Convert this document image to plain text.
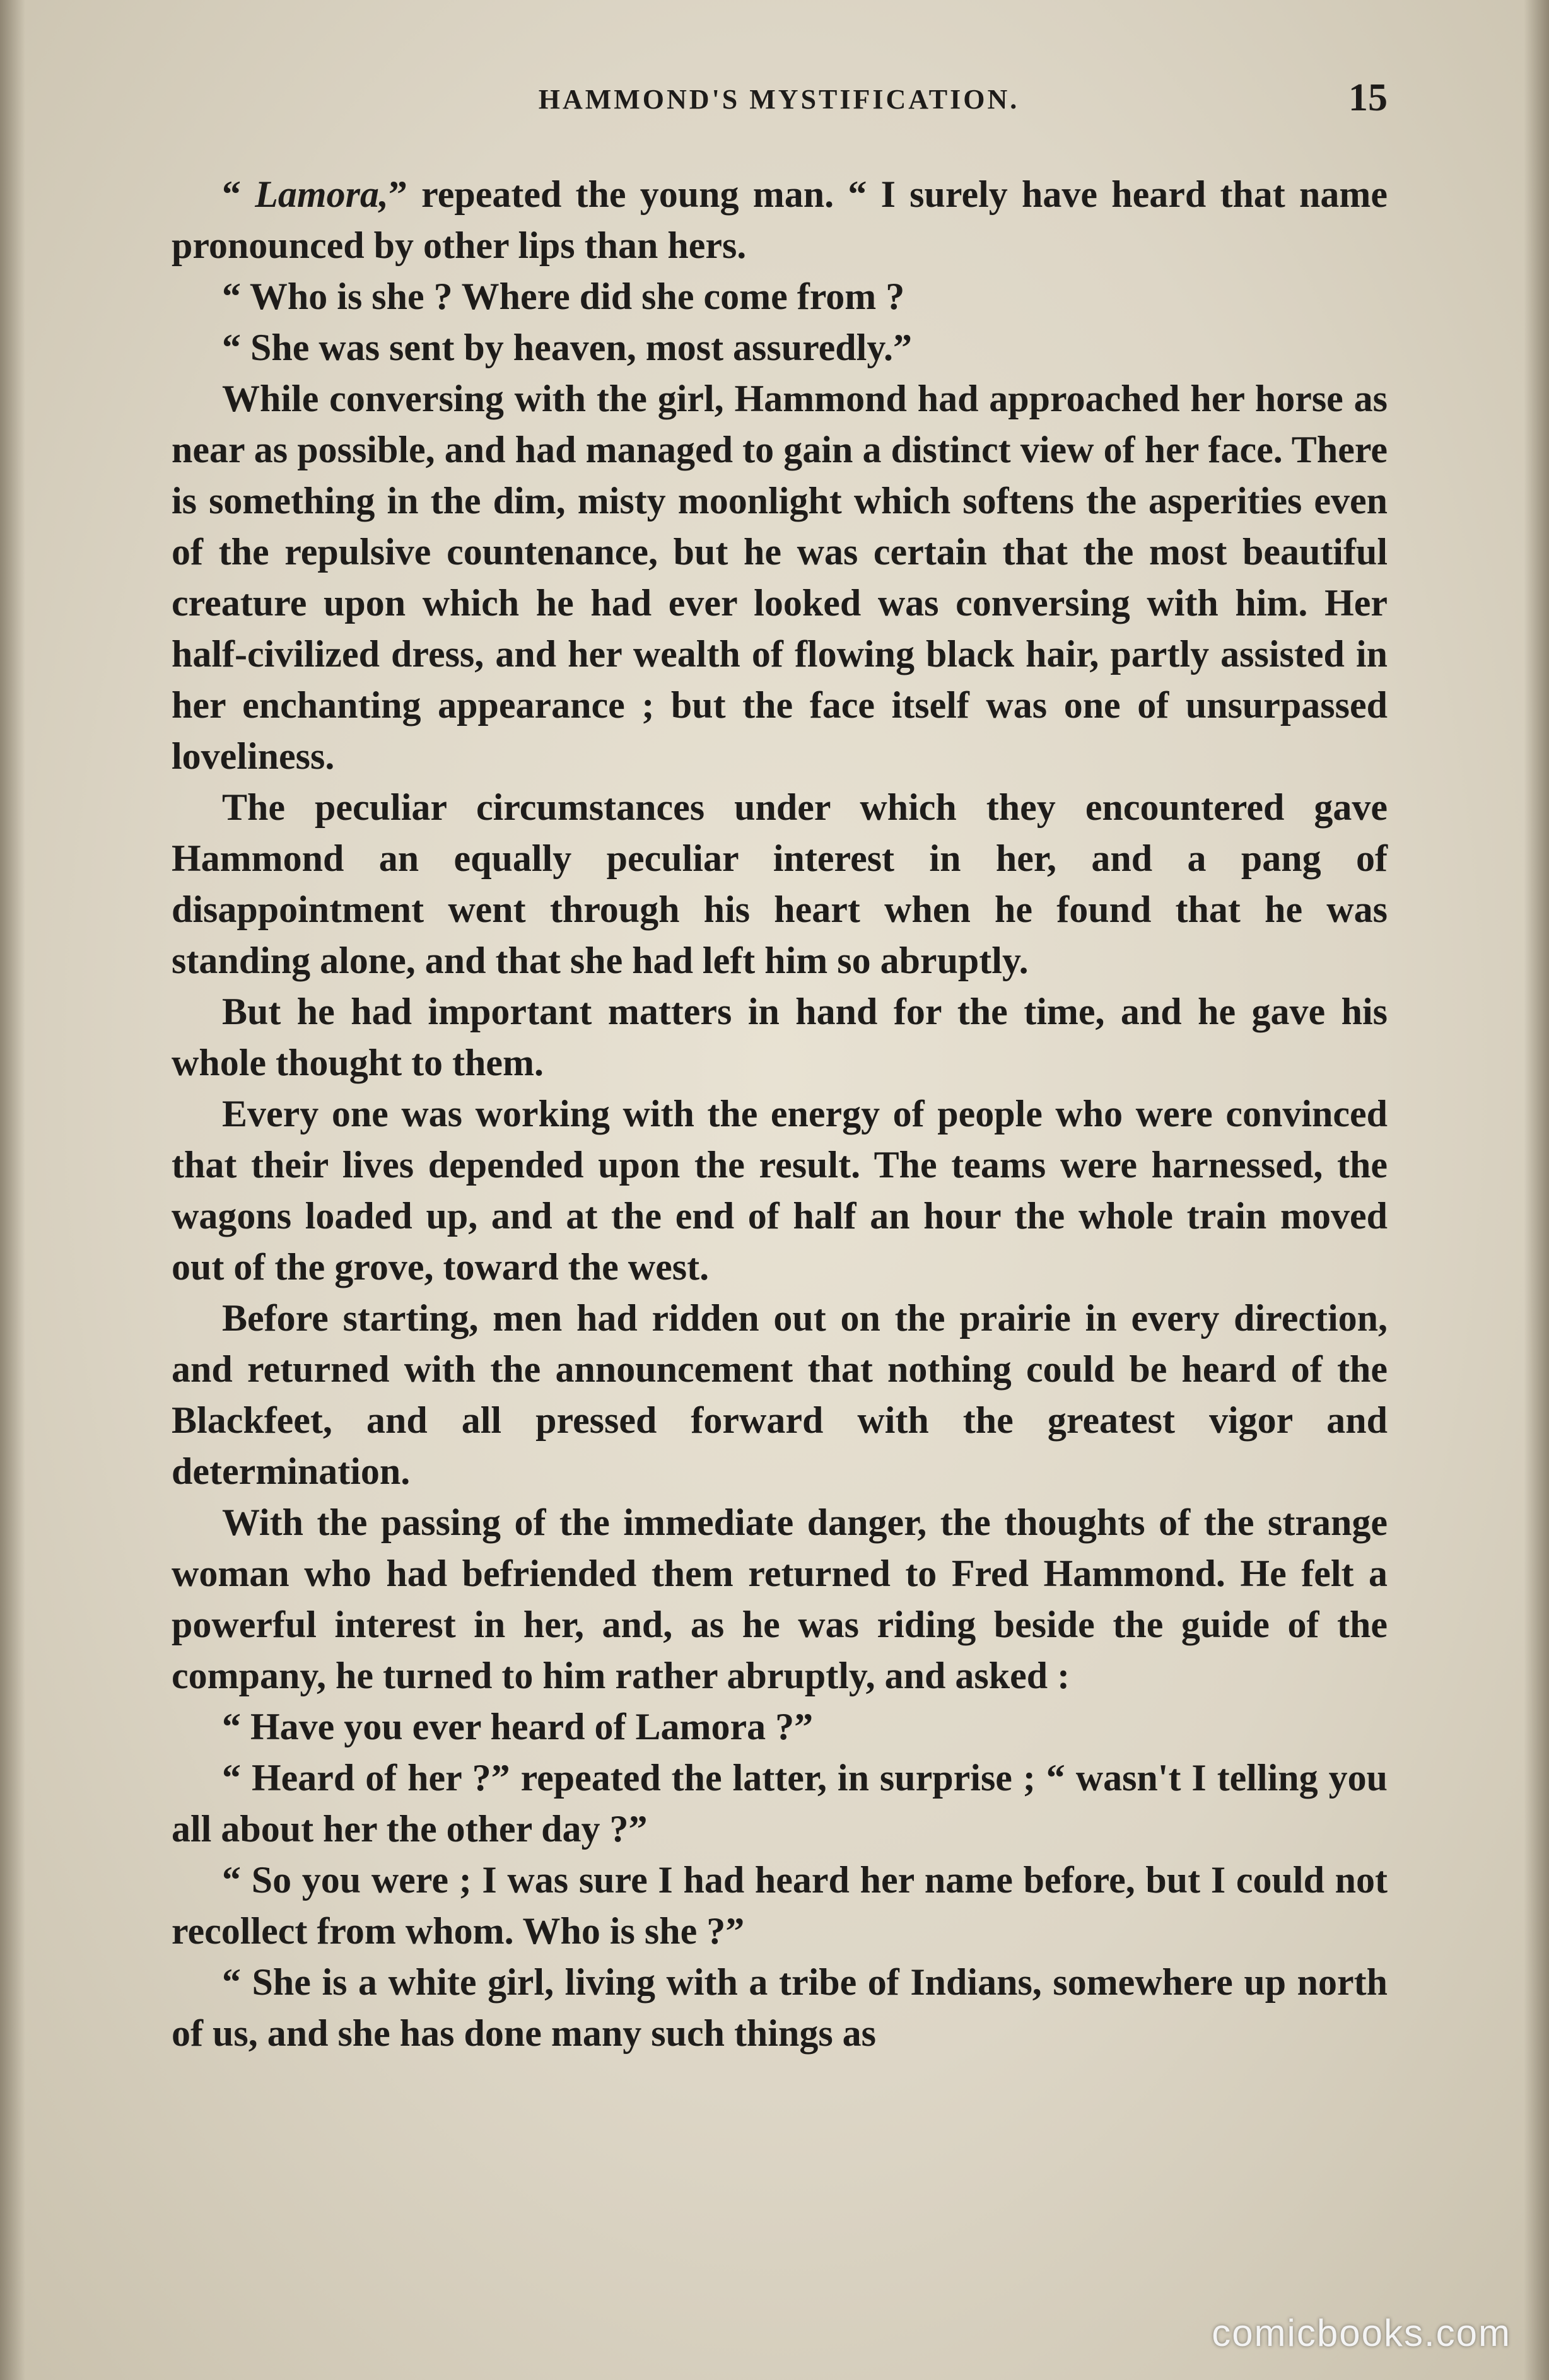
HAMMOND'S MYSTIFICATION.	15

“ Lamora,” repeated the young man. “ I surely have heard that name pronounced by other lips than hers.

“ Who is she ? Where did she come from ?

“ She was sent by heaven, most assuredly.”

While conversing with the girl, Hammond had approached her horse as near as possible, and had managed to gain a distinct view of her face. There is something in the dim, misty moonlight which softens the asperities even of the repulsive countenance, but he was certain that the most beautiful creature upon which he had ever looked was conversing with him. Her half-civilized dress, and her wealth of flowing black hair, partly assisted in her enchanting appearance ; but the face itself was one of unsurpassed loveliness.

The peculiar circumstances under which they encountered gave Hammond an equally peculiar interest in her, and a pang of disappointment went through his heart when he found that he was standing alone, and that she had left him so abruptly.

But he had important matters in hand for the time, and he gave his whole thought to them.

Every one was working with the energy of people who were convinced that their lives depended upon the result. The teams were harnessed, the wagons loaded up, and at the end of half an hour the whole train moved out of the grove, toward the west.

Before starting, men had ridden out on the prairie in every direction, and returned with the announcement that nothing could be heard of the Blackfeet, and all pressed forward with the greatest vigor and determination.

With the passing of the immediate danger, the thoughts of the strange woman who had befriended them returned to Fred Hammond. He felt a powerful interest in her, and, as he was riding beside the guide of the company, he turned to him rather abruptly, and asked :

“ Have you ever heard of Lamora ?”

“ Heard of her ?” repeated the latter, in surprise ; “ wasn't I telling you all about her the other day ?”

“ So you were ; I was sure I had heard her name before, but I could not recollect from whom. Who is she ?”

“ She is a white girl, living with a tribe of Indians, somewhere up north of us, and she has done many such things as

comicbooks.com
